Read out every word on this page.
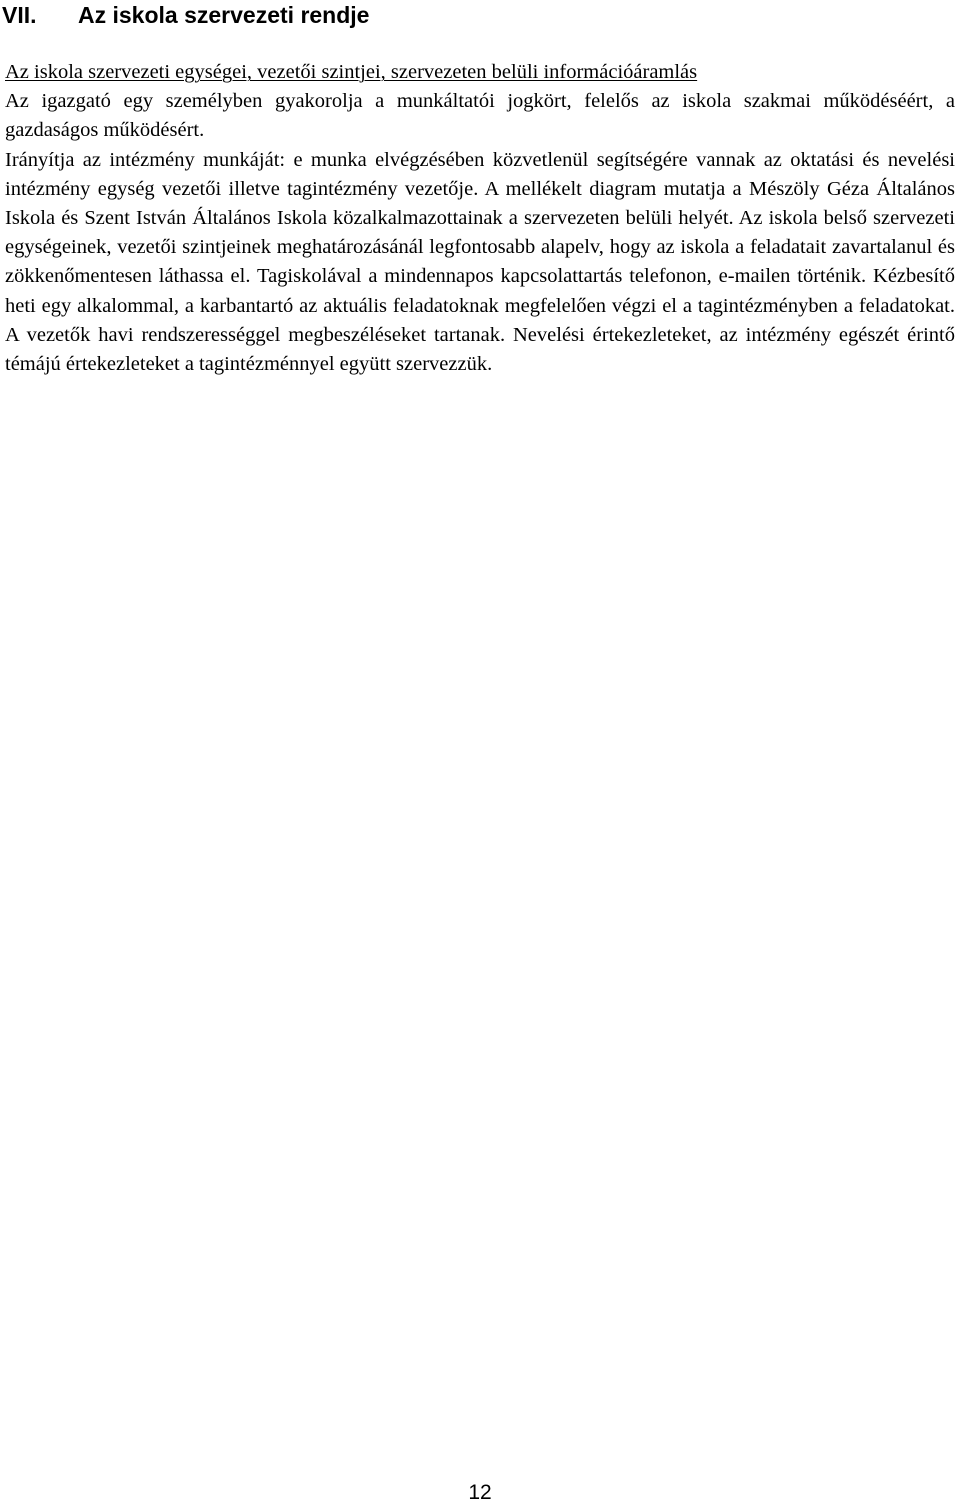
VII. Az iskola szervezeti rendje

Az iskola szervezeti egységei, vezetői szintjei, szervezeten belüli információáramlás

Az igazgató egy személyben gyakorolja a munkáltatói jogkört, felelős az iskola szakmai működéséért, a gazdaságos működésért.

Irányítja az intézmény munkáját: e munka elvégzésében közvetlenül segítségére vannak az oktatási és nevelési intézmény egység vezetői illetve tagintézmény vezetője. A mellékelt diagram mutatja a Mészöly Géza Általános Iskola és Szent István Általános Iskola közalkalmazottainak a szervezeten belüli helyét. Az iskola belső szervezeti egységeinek, vezetői szintjeinek meghatározásánál legfontosabb alapelv, hogy az iskola a feladatait zavartalanul és zökkenőmentesen láthassa el. Tagiskolával a mindennapos kapcsolattartás telefonon, e-mailen történik. Kézbesítő heti egy alkalommal, a karbantartó az aktuális feladatoknak megfelelően végzi el a tagintézményben a feladatokat. A vezetők havi rendszerességgel megbeszéléseket tartanak. Nevelési értekezleteket, az intézmény egészét érintő témájú értekezleteket a tagintézménnyel együtt szervezzük.

12
